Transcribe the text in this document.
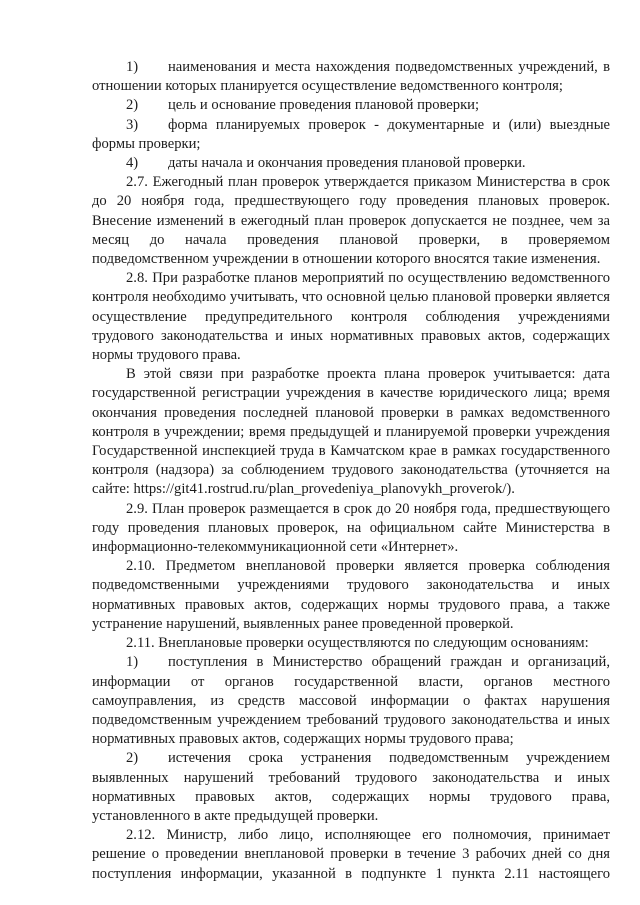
1) наименования и места нахождения подведомственных учреждений, в отношении которых планируется осуществление ведомственного контроля;

2) цель и основание проведения плановой проверки;

3) форма планируемых проверок - документарные и (или) выездные формы проверки;

4) даты начала и окончания проведения плановой проверки.

2.7. Ежегодный план проверок утверждается приказом Министерства в срок до 20 ноября года, предшествующего году проведения плановых проверок. Внесение изменений в ежегодный план проверок допускается не позднее, чем за месяц до начала проведения плановой проверки, в проверяемом подведомственном учреждении в отношении которого вносятся такие изменения.

2.8. При разработке планов мероприятий по осуществлению ведомственного контроля необходимо учитывать, что основной целью плановой проверки является осуществление предупредительного контроля соблюдения учреждениями трудового законодательства и иных нормативных правовых актов, содержащих нормы трудового права.

В этой связи при разработке проекта плана проверок учитывается: дата государственной регистрации учреждения в качестве юридического лица; время окончания проведения последней плановой проверки в рамках ведомственного контроля в учреждении; время предыдущей и планируемой проверки учреждения Государственной инспекцией труда в Камчатском крае в рамках государственного контроля (надзора) за соблюдением трудового законодательства (уточняется на сайте: https://git41.rostrud.ru/plan_provedeniya_planovykh_proverok/).

2.9. План проверок размещается в срок до 20 ноября года, предшествующего году проведения плановых проверок, на официальном сайте Министерства в информационно-телекоммуникационной сети «Интернет».

2.10. Предметом внеплановой проверки является проверка соблюдения подведомственными учреждениями трудового законодательства и иных нормативных правовых актов, содержащих нормы трудового права, а также устранение нарушений, выявленных ранее проведенной проверкой.

2.11. Внеплановые проверки осуществляются по следующим основаниям:

1) поступления в Министерство обращений граждан и организаций, информации от органов государственной власти, органов местного самоуправления, из средств массовой информации о фактах нарушения подведомственным учреждением требований трудового законодательства и иных нормативных правовых актов, содержащих нормы трудового права;

2) истечения срока устранения подведомственным учреждением выявленных нарушений требований трудового законодательства и иных нормативных правовых актов, содержащих нормы трудового права, установленного в акте предыдущей проверки.

2.12. Министр, либо лицо, исполняющее его полномочия, принимает решение о проведении внеплановой проверки в течение 3 рабочих дней со дня поступления информации, указанной в подпункте 1 пункта 2.11 настоящего
